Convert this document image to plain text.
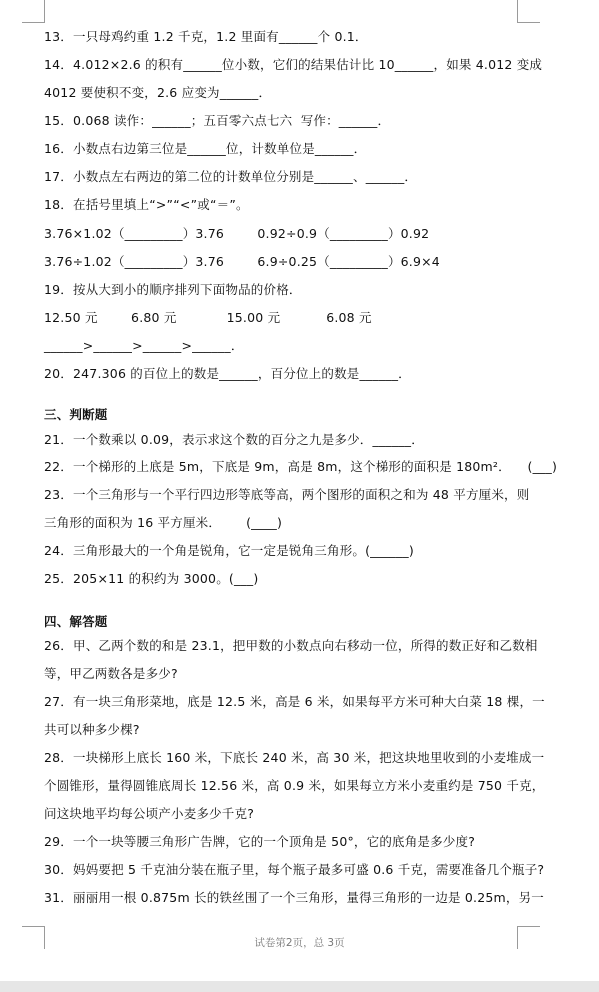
13．一只母鸡约重 1.2 千克，1.2 里面有______个 0.1．
14．4.012×2.6 的积有______位小数，它们的结果估计比 10______，如果 4.012 变成
4012 要使积不变，2.6 应变为______．
15．0.068 读作：______；五百零六点七六  写作：______．
16．小数点右边第三位是______位，计数单位是______．
17．小数点左右两边的第二位的计数单位分别是______、______．
18．在括号里填上“>”“<”或“＝”。
3.76×1.02（_________）3.76        0.92÷0.9（_________）0.92
3.76÷1.02（_________）3.76        6.9÷0.25（_________）6.9×4
19．按从大到小的顺序排列下面物品的价格．
12.50 元        6.80 元            15.00 元           6.08 元
______>______>______>______．
20．247.306 的百位上的数是______，百分位上的数是______．
三、判断题
21．一个数乘以 0.09，表示求这个数的百分之九是多少．______．
22．一个梯形的上底是 5m，下底是 9m，高是 8m，这个梯形的面积是 180m²．    (___)
23．一个三角形与一个平行四边形等底等高，两个图形的面积之和为 48 平方厘米，则
三角形的面积为 16 平方厘米．      (____)
24．三角形最大的一个角是锐角，它一定是锐角三角形。(______)
25．205×11 的积约为 3000。(___)
四、解答题
26．甲、乙两个数的和是 23.1，把甲数的小数点向右移动一位，所得的数正好和乙数相
等，甲乙两数各是多少?
27．有一块三角形菜地，底是 12.5 米，高是 6 米，如果每平方米可种大白菜 18 棵，一
共可以种多少棵?
28．一块梯形上底长 160 米，下底长 240 米，高 30 米，把这块地里收到的小麦堆成一
个圆锥形，量得圆锥底周长 12.56 米，高 0.9 米，如果每立方米小麦重约是 750 千克，
问这块地平均每公顷产小麦多少千克?
29．一个一块等腰三角形广告牌，它的一个顶角是 50°，它的底角是多少度?
30．妈妈要把 5 千克油分装在瓶子里，每个瓶子最多可盛 0.6 千克，需要准备几个瓶子?
31．丽丽用一根 0.875m 长的铁丝围了一个三角形，量得三角形的一边是 0.25m，另一
试卷第2页，总 3页
